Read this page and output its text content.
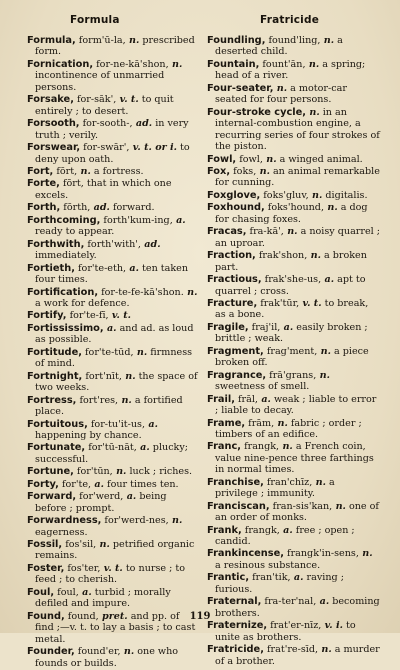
Formula	Fratricide
Formula, form'ū-la, n. prescribed form.
Fornication, for-ne-kā'shon, n. incontinence of unmarried persons.
Forsake, for-sāk', v. t. to quit entirely ; to desert.
Forsooth, for-sooth-, ad. in very truth ; verily.
Forswear, for-swār', v. t. or i. to deny upon oath.
Fort, fōrt, n. a fortress.
Forte, fōrt, that in which one excels.
Forth, fōrth, ad. forward.
Forthcoming, forth'kum-ing, a. ready to appear.
Forthwith, forth'with', ad. immediately.
Fortieth, for'te-eth, a. ten taken four times.
Fortification, for-te-fe-kā'shon. n. a work for defence.
Fortify, for'te-fī, v. t.
Fortississimo, a. and ad. as loud as possible.
Fortitude, for'te-tūd, n. firmness of mind.
Fortnight, fort'nīt, n. the space of two weeks.
Fortress, fort'res, n. a fortified place.
Fortuitous, for-tu'it-us, a. happening by chance.
Fortunate, for'tū-nāt, a. plucky; successful.
Fortune, for'tūn, n. luck ; riches.
Forty, for'te, a. four times ten.
Forward, for'werd, a. being before ; prompt.
Forwardness, for'werd-nes, n. eagerness.
Fossil, fos'sil, n. petrified organic remains.
Foster, fos'ter, v. t. to nurse ; to feed ; to cherish.
Foul, foul, a. turbid ; morally defiled and impure.
Found, found, pret. and pp. of find ;—v. t. to lay a basis ; to cast metal.
Founder, found'er, n. one who founds or builds.
Foundling, found'ling, n. a deserted child.
Fountain, fount'ān, n. a spring; head of a river.
Four-seater, n. a motor-car seated for four persons.
Four-stroke cycle, n. in an internal-combustion engine, a recurring series of four strokes of the piston.
Fowl, fowl, n. a winged animal.
Fox, foks, n. an animal remarkable for cunning.
Foxglove, foks'gluv, n. digitalis.
Foxhound, foks'hound, n. a dog for chasing foxes.
Fracas, fra-kā', n. a noisy quarrel ; an uproar.
Fraction, frak'shon, n. a broken part.
Fractious, frak'she-us, a. apt to quarrel ; cross.
Fracture, frak'tūr, v. t. to break, as a bone.
Fragile, fraj'il, a. easily broken ; brittle ; weak.
Fragment, frag'ment, n. a piece broken off.
Fragrance, frā'grans, n. sweetness of smell.
Frail, frāl, a. weak ; liable to error ; liable to decay.
Frame, frām, n. fabric ; order ; timbers of an edifice.
Franc, frangk, n. a French coin, value nine-pence three farthings in normal times.
Franchise, fran'chīz, n. a privilege ; immunity.
Franciscan, fran-sis'kan, n. one of an order of monks.
Frank, frangk, a. free ; open ; candid.
Frankincense, frangk'in-sens, n. a resinous substance.
Frantic, fran'tik, a. raving ; furious.
Fraternal, fra-ter'nal, a. becoming brothers.
Fraternize, frat'er-nīz, v. i. to unite as brothers.
Fratricide, frat're-sīd, n. a murder of a brother.
119
